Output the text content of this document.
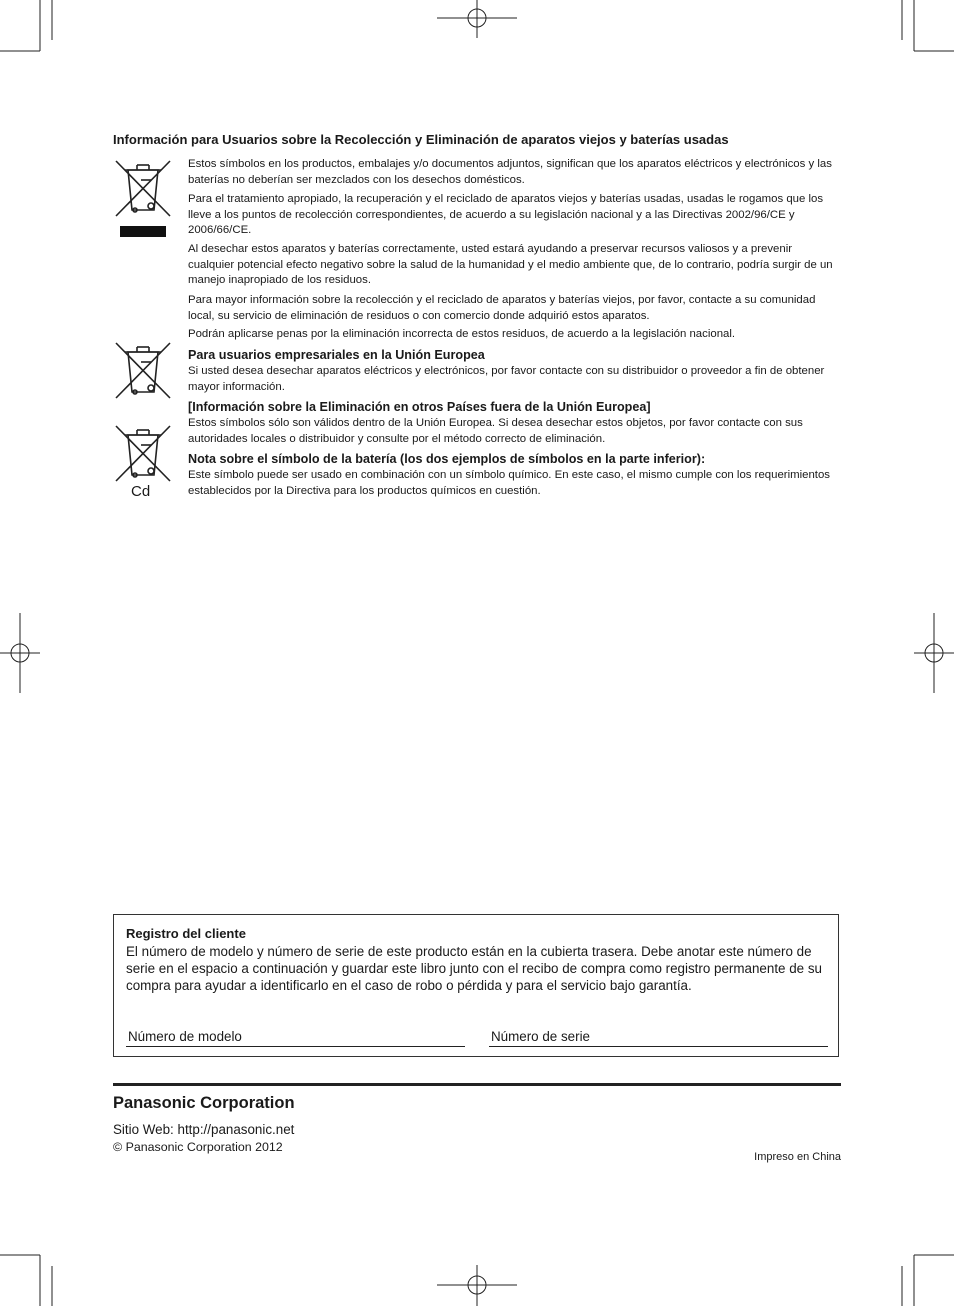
Información para Usuarios sobre la Recolección y Eliminación de aparatos viejos y baterías usadas
Cd

Estos símbolos en los productos, embalajes y/o documentos adjuntos, significan que los aparatos eléctricos y electrónicos y las baterías no deberían ser mezclados con los desechos domésticos.

Para el tratamiento apropiado, la recuperación y el reciclado de aparatos viejos y baterías usadas, usadas le rogamos que los lleve a los puntos de recolección correspondientes, de acuerdo a su legislación nacional y a las Directivas 2002/96/CE y 2006/66/CE.

Al desechar estos aparatos y baterías correctamente, usted estará ayudando a preservar recursos valiosos y a prevenir cualquier potencial efecto negativo sobre la salud de la humanidad y el medio ambiente que, de lo contrario, podría surgir de un manejo inapropiado de los residuos.

Para mayor información sobre la recolección y el reciclado de aparatos y baterías viejos, por favor, contacte a su comunidad local, su servicio de eliminación de residuos o con comercio donde adquirió estos aparatos.

Podrán aplicarse penas por la eliminación incorrecta de estos residuos, de acuerdo a la legislación nacional.

Para usuarios empresariales en la Unión Europea

Si usted desea desechar aparatos eléctricos y electrónicos, por favor contacte con su distribuidor o proveedor a fin de obtener mayor información.

[Información sobre la Eliminación en otros Países fuera de la Unión Europea]

Estos símbolos sólo son válidos dentro de la Unión Europea. Si desea desechar estos objetos, por favor contacte con sus autoridades locales o distribuidor y consulte por el método correcto de eliminación.

Nota sobre el símbolo de la batería (los dos ejemplos de símbolos en la parte inferior):

Este símbolo puede ser usado en combinación con un símbolo químico. En este caso, el mismo cumple con los requerimientos establecidos por la Directiva para los productos químicos en cuestión.

Registro del cliente

El número de modelo y número de serie de este producto están en la cubierta trasera. Debe anotar este número de serie en el espacio a continuación y guardar este libro junto con el recibo de compra como registro permanente de su compra para ayudar a identificarlo en el caso de robo o pérdida y para el servicio bajo garantía.

Número de modelo	Número de serie
Panasonic Corporation
Sitio Web: http://panasonic.net
© Panasonic Corporation 2012
Impreso en China
